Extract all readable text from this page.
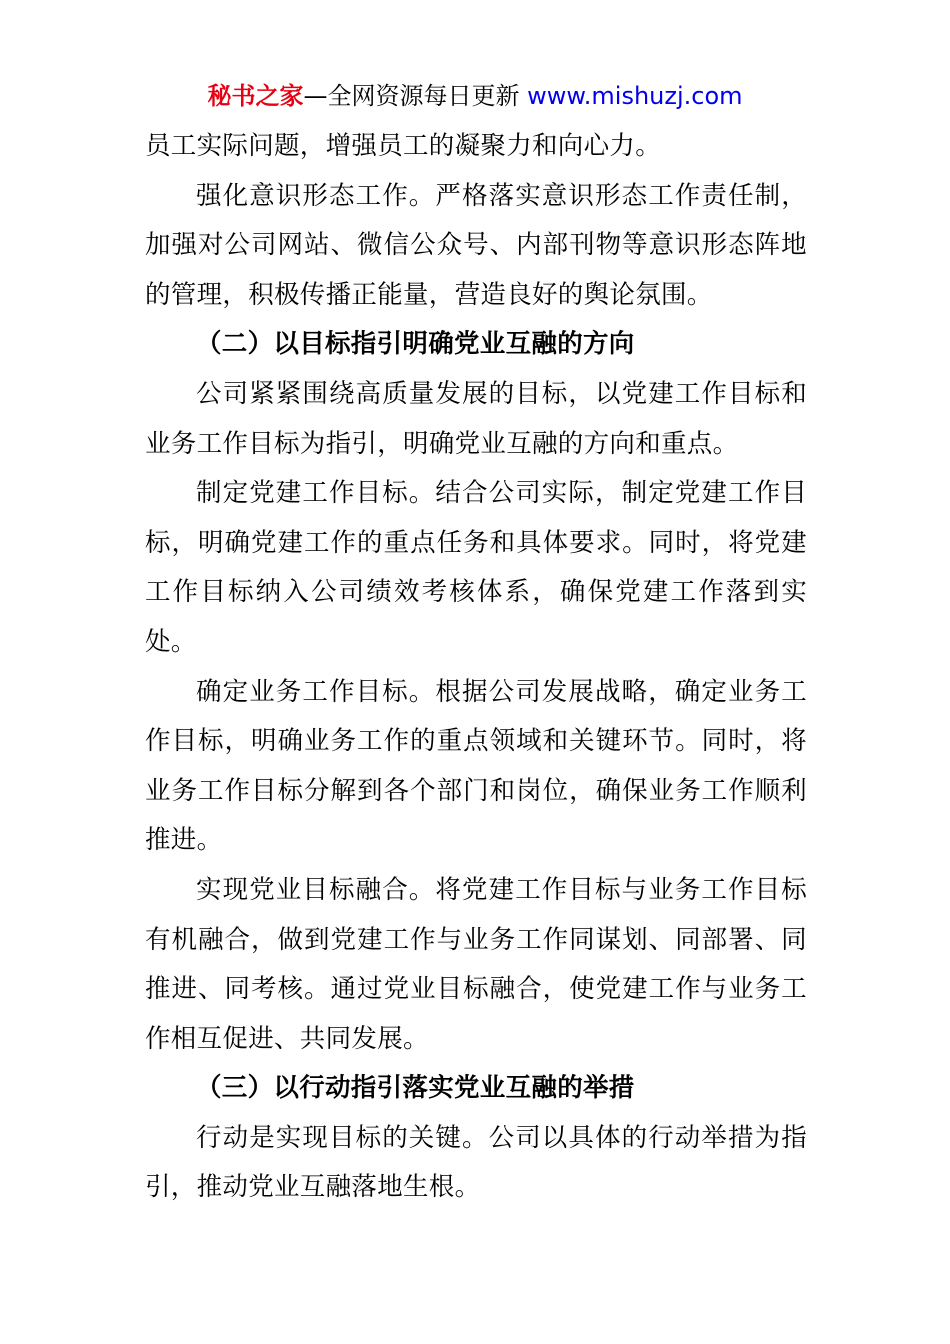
秘书之家—全网资源每日更新 www.mishuzj.com

员工实际问题，增强员工的凝聚力和向心力。

强化意识形态工作。严格落实意识形态工作责任制，加强对公司网站、微信公众号、内部刊物等意识形态阵地的管理，积极传播正能量，营造良好的舆论氛围。

（二）以目标指引明确党业互融的方向

公司紧紧围绕高质量发展的目标，以党建工作目标和业务工作目标为指引，明确党业互融的方向和重点。

制定党建工作目标。结合公司实际，制定党建工作目标，明确党建工作的重点任务和具体要求。同时，将党建工作目标纳入公司绩效考核体系，确保党建工作落到实处。

确定业务工作目标。根据公司发展战略，确定业务工作目标，明确业务工作的重点领域和关键环节。同时，将业务工作目标分解到各个部门和岗位，确保业务工作顺利推进。

实现党业目标融合。将党建工作目标与业务工作目标有机融合，做到党建工作与业务工作同谋划、同部署、同推进、同考核。通过党业目标融合，使党建工作与业务工作相互促进、共同发展。

（三）以行动指引落实党业互融的举措

行动是实现目标的关键。公司以具体的行动举措为指引，推动党业互融落地生根。
